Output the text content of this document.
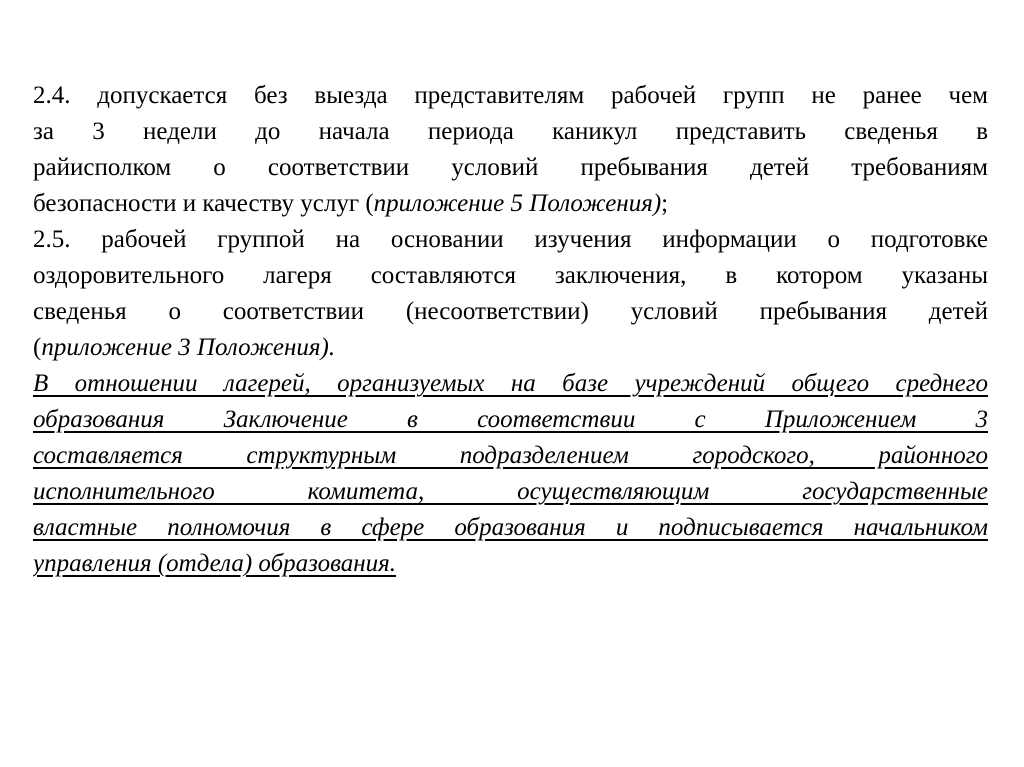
2.4. допускается без выезда представителям рабочей групп не ранее чем
за 3 недели до начала периода каникул представить сведенья в
райисполком о соответствии условий пребывания детей требованиям
безопасности и качеству услуг (приложение 5 Положения);
2.5. рабочей группой на основании изучения информации о подготовке
оздоровительного лагеря составляются заключения, в котором указаны
сведенья о соответствии (несоответствии) условий пребывания детей
(приложение 3 Положения).
В отношении лагерей, организуемых на базе учреждений общего среднего
образования Заключение в соответствии с Приложением 3
составляется структурным подразделением городского, районного
исполнительного комитета, осуществляющим государственные
властные полномочия в сфере образования и подписывается начальником
управления (отдела) образования.
